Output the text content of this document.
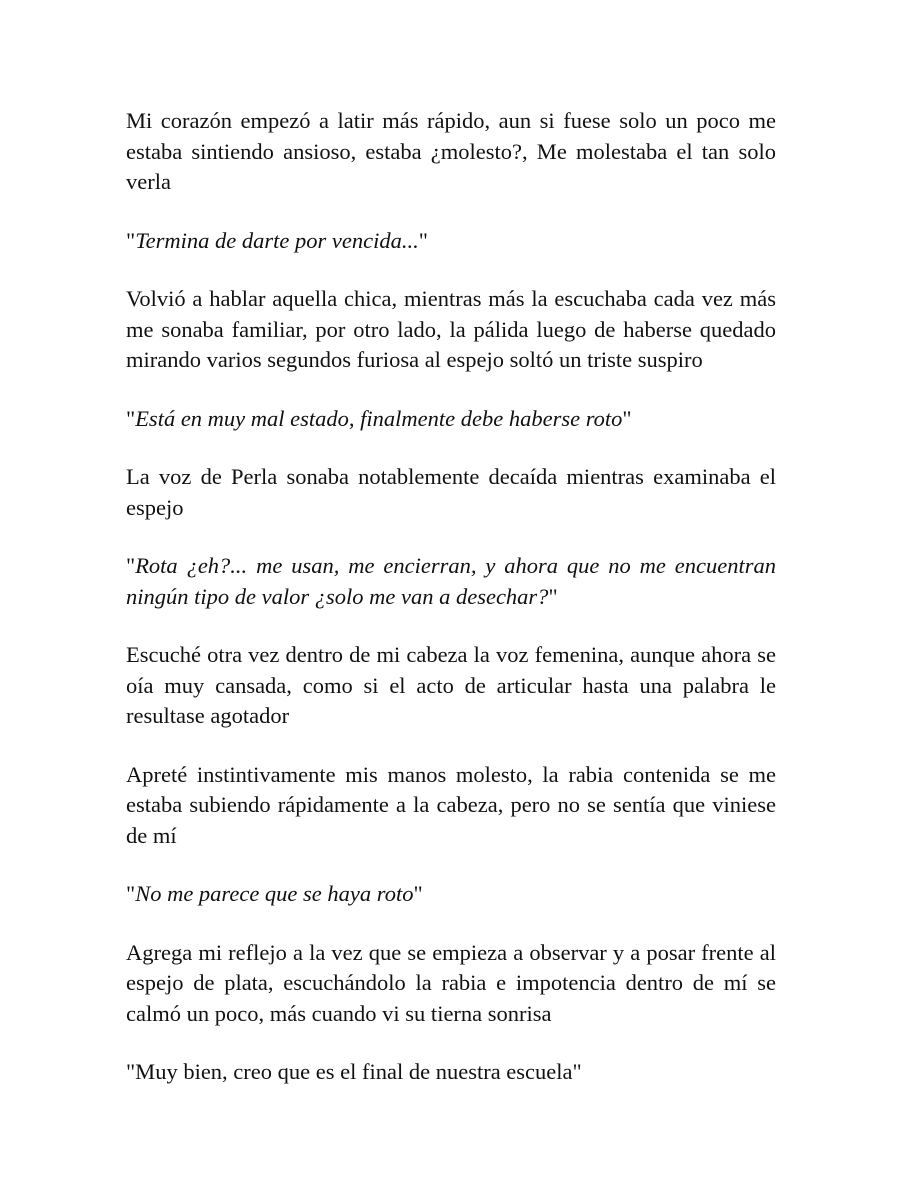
Mi corazón empezó a latir más rápido, aun si fuese solo un poco me estaba sintiendo ansioso, estaba ¿molesto?, Me molestaba el tan solo verla

"Termina de darte por vencida..."

Volvió a hablar aquella chica, mientras más la escuchaba cada vez más me sonaba familiar, por otro lado, la pálida luego de haberse quedado mirando varios segundos furiosa al espejo soltó un triste suspiro

"Está en muy mal estado, finalmente debe haberse roto"

La voz de Perla sonaba notablemente decaída mientras examinaba el espejo

"Rota ¿eh?... me usan, me encierran, y ahora que no me encuentran ningún tipo de valor ¿solo me van a desechar?"

Escuché otra vez dentro de mi cabeza la voz femenina, aunque ahora se oía muy cansada, como si el acto de articular hasta una palabra le resultase agotador

Apreté instintivamente mis manos molesto, la rabia contenida se me estaba subiendo rápidamente a la cabeza, pero no se sentía que viniese de mí

"No me parece que se haya roto"

Agrega mi reflejo a la vez que se empieza a observar y a posar frente al espejo de plata, escuchándolo la rabia e impotencia dentro de mí se calmó un poco, más cuando vi su tierna sonrisa

"Muy bien, creo que es el final de nuestra escuela"
